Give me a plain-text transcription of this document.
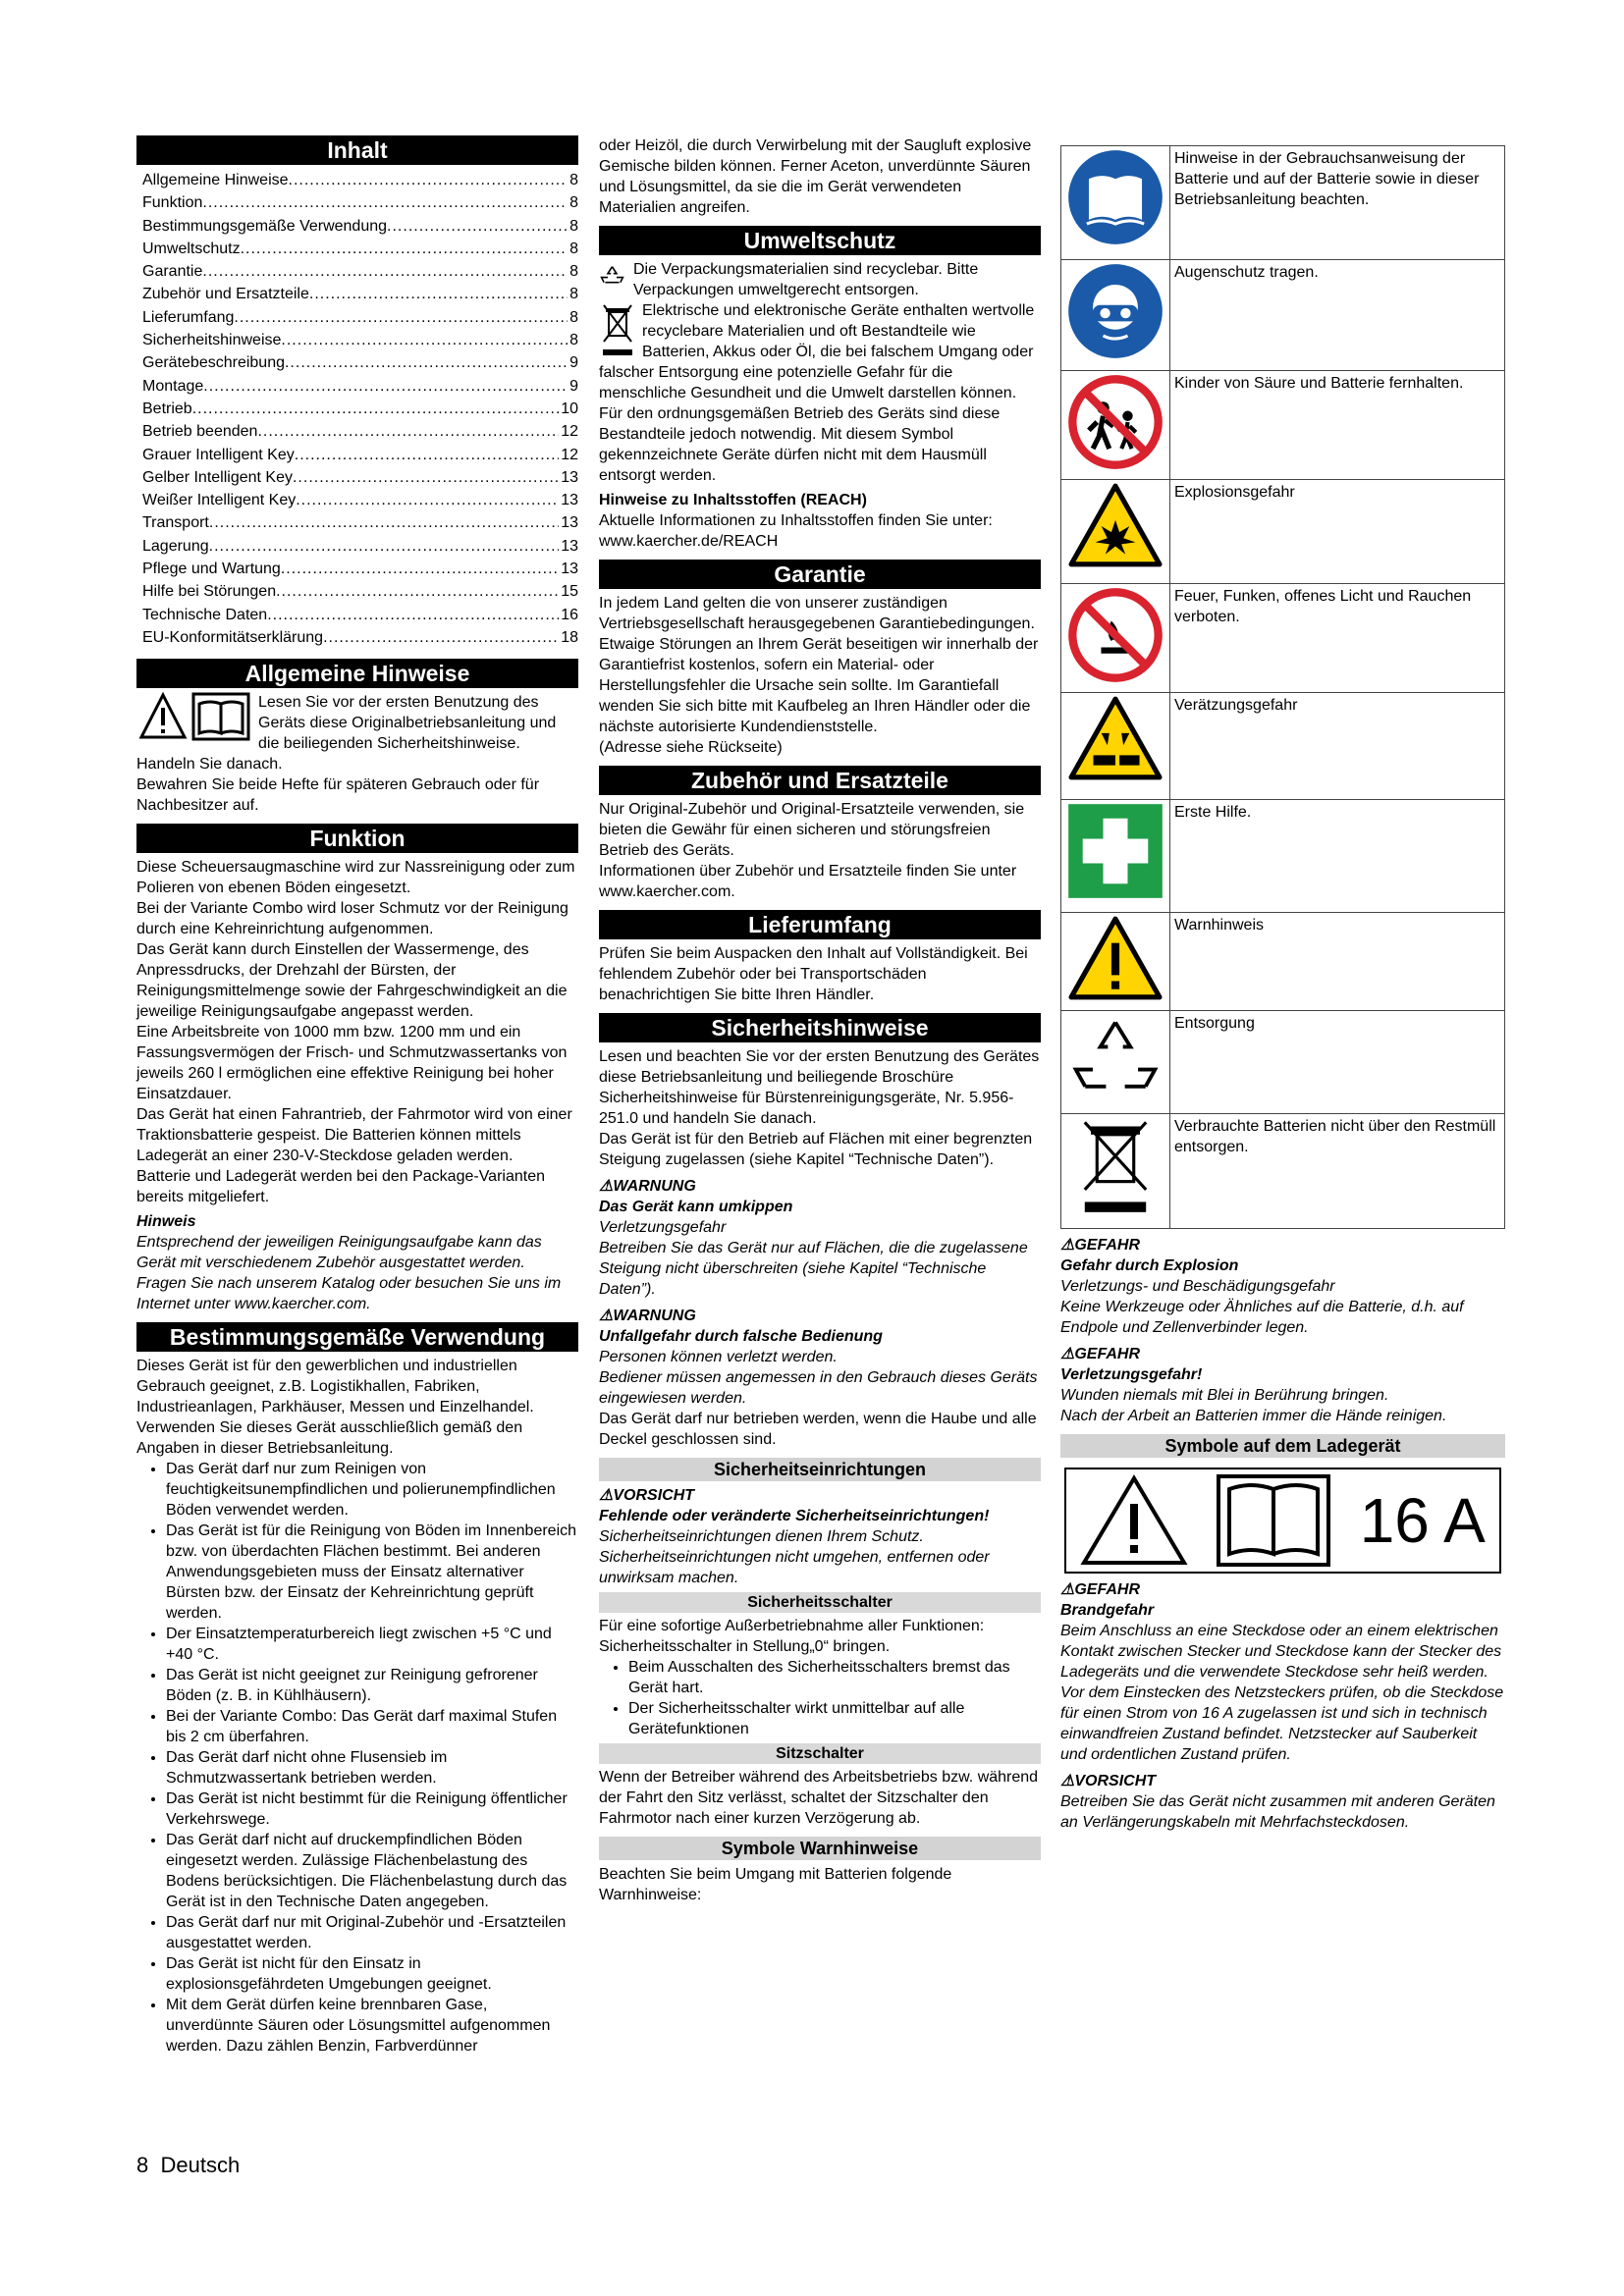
Inhalt
Allgemeine Hinweise .....	8
Funktion .....	8
Bestimmungsgemäße Verwendung .....	8
Umweltschutz .....	8
Garantie .....	8
Zubehör und Ersatzteile .....	8
Lieferumfang .....	8
Sicherheitshinweise .....	8
Gerätebeschreibung .....	9
Montage .....	9
Betrieb .....	10
Betrieb beenden .....	12
Grauer Intelligent Key .....	12
Gelber Intelligent Key .....	13
Weißer Intelligent Key .....	13
Transport .....	13
Lagerung .....	13
Pflege und Wartung .....	13
Hilfe bei Störungen .....	15
Technische Daten .....	16
EU-Konformitätserklärung .....	18
Allgemeine Hinweise

Lesen Sie vor der ersten Benutzung des Geräts diese Originalbetriebsanleitung und die beiliegenden Sicherheitshinweise. Handeln Sie danach.

Bewahren Sie beide Hefte für späteren Gebrauch oder für Nachbesitzer auf.

Funktion

Diese Scheuersaugmaschine wird zur Nassreinigung oder zum Polieren von ebenen Böden eingesetzt.

Bei der Variante Combo wird loser Schmutz vor der Reinigung durch eine Kehreinrichtung aufgenommen.

Das Gerät kann durch Einstellen der Wassermenge, des Anpressdrucks, der Drehzahl der Bürsten, der Reinigungsmittelmenge sowie der Fahrgeschwindigkeit an die jeweilige Reinigungsaufgabe angepasst werden.

Eine Arbeitsbreite von 1000 mm bzw. 1200 mm und ein Fassungsvermögen der Frisch- und Schmutzwassertanks von jeweils 260 l ermöglichen eine effektive Reinigung bei hoher Einsatzdauer.

Das Gerät hat einen Fahrantrieb, der Fahrmotor wird von einer Traktionsbatterie gespeist. Die Batterien können mittels Ladegerät an einer 230-V-Steckdose geladen werden.

Batterie und Ladegerät werden bei den Package-Varianten bereits mitgeliefert.

Hinweis

Entsprechend der jeweiligen Reinigungsaufgabe kann das Gerät mit verschiedenem Zubehör ausgestattet werden. Fragen Sie nach unserem Katalog oder besuchen Sie uns im Internet unter www.kaercher.com.

Bestimmungsgemäße Verwendung

Dieses Gerät ist für den gewerblichen und industriellen Gebrauch geeignet, z.B. Logistikhallen, Fabriken, Industrieanlagen, Parkhäuser, Messen und Einzelhandel. Verwenden Sie dieses Gerät ausschließlich gemäß den Angaben in dieser Betriebsanleitung.

• Das Gerät darf nur zum Reinigen von feuchtigkeitsunempfindlichen und polierunempfindlichen Böden verwendet werden.
• Das Gerät ist für die Reinigung von Böden im Innenbereich bzw. von überdachten Flächen bestimmt. Bei anderen Anwendungsgebieten muss der Einsatz alternativer Bürsten bzw. der Einsatz der Kehreinrichtung geprüft werden.
• Der Einsatztemperaturbereich liegt zwischen +5 °C und +40 °C.
• Das Gerät ist nicht geeignet zur Reinigung gefrorener Böden (z. B. in Kühlhäusern).
• Bei der Variante Combo: Das Gerät darf maximal Stufen bis 2 cm überfahren.
• Das Gerät darf nicht ohne Flusensieb im Schmutzwassertank betrieben werden.
• Das Gerät ist nicht bestimmt für die Reinigung öffentlicher Verkehrswege.
• Das Gerät darf nicht auf druckempfindlichen Böden eingesetzt werden. Zulässige Flächenbelastung des Bodens berücksichtigen. Die Flächenbelastung durch das Gerät ist in den Technische Daten angegeben.
• Das Gerät darf nur mit Original-Zubehör und -Ersatzteilen ausgestattet werden.
• Das Gerät ist nicht für den Einsatz in explosionsgefährdeten Umgebungen geeignet.
• Mit dem Gerät dürfen keine brennbaren Gase, unverdünnte Säuren oder Lösungsmittel aufgenommen werden. Dazu zählen Benzin, Farbverdünner

oder Heizöl, die durch Verwirbelung mit der Saugluft explosive Gemische bilden können. Ferner Aceton, unverdünnte Säuren und Lösungsmittel, da sie die im Gerät verwendeten Materialien angreifen.

Umweltschutz

Die Verpackungsmaterialien sind recyclebar. Bitte Verpackungen umweltgerecht entsorgen.

Elektrische und elektronische Geräte enthalten wertvolle recyclebare Materialien und oft Bestandteile wie Batterien, Akkus oder Öl, die bei falschem Umgang oder falscher Entsorgung eine potenzielle Gefahr für die menschliche Gesundheit und die Umwelt darstellen können. Für den ordnungsgemäßen Betrieb des Geräts sind diese Bestandteile jedoch notwendig. Mit diesem Symbol gekennzeichnete Geräte dürfen nicht mit dem Hausmüll entsorgt werden.

Hinweise zu Inhaltsstoffen (REACH)

Aktuelle Informationen zu Inhaltsstoffen finden Sie unter: www.kaercher.de/REACH

Garantie

In jedem Land gelten die von unserer zuständigen Vertriebsgesellschaft herausgegebenen Garantiebedingungen. Etwaige Störungen an Ihrem Gerät beseitigen wir innerhalb der Garantiefrist kostenlos, sofern ein Material- oder Herstellungsfehler die Ursache sein sollte. Im Garantiefall wenden Sie sich bitte mit Kaufbeleg an Ihren Händler oder die nächste autorisierte Kundendienststelle.

(Adresse siehe Rückseite)

Zubehör und Ersatzteile

Nur Original-Zubehör und Original-Ersatzteile verwenden, sie bieten die Gewähr für einen sicheren und störungsfreien Betrieb des Geräts.

Informationen über Zubehör und Ersatzteile finden Sie unter www.kaercher.com.

Lieferumfang

Prüfen Sie beim Auspacken den Inhalt auf Vollständigkeit. Bei fehlendem Zubehör oder bei Transportschäden benachrichtigen Sie bitte Ihren Händler.

Sicherheitshinweise

Lesen und beachten Sie vor der ersten Benutzung des Gerätes diese Betriebsanleitung und beiliegende Broschüre Sicherheitshinweise für Bürstenreinigungsgeräte, Nr. 5.956-251.0 und handeln Sie danach.

Das Gerät ist für den Betrieb auf Flächen mit einer begrenzten Steigung zugelassen (siehe Kapitel “Technische Daten”).

⚠WARNUNG

Das Gerät kann umkippen

Verletzungsgefahr
Betreiben Sie das Gerät nur auf Flächen, die die zugelassene Steigung nicht überschreiten (siehe Kapitel “Technische Daten”).

⚠WARNUNG

Unfallgefahr durch falsche Bedienung

Personen können verletzt werden.
Bediener müssen angemessen in den Gebrauch dieses Geräts eingewiesen werden.

Das Gerät darf nur betrieben werden, wenn die Haube und alle Deckel geschlossen sind.

Sicherheitseinrichtungen

⚠VORSICHT

Fehlende oder veränderte Sicherheitseinrichtungen!

Sicherheitseinrichtungen dienen Ihrem Schutz. Sicherheitseinrichtungen nicht umgehen, entfernen oder unwirksam machen.

Sicherheitsschalter

Für eine sofortige Außerbetriebnahme aller Funktionen: Sicherheitsschalter in Stellung„0“ bringen.

• Beim Ausschalten des Sicherheitsschalters bremst das Gerät hart.
• Der Sicherheitsschalter wirkt unmittelbar auf alle Gerätefunktionen
Sitzschalter

Wenn der Betreiber während des Arbeitsbetriebs bzw. während der Fahrt den Sitz verlässt, schaltet der Sitzschalter den Fahrmotor nach einer kurzen Verzögerung ab.

Symbole Warnhinweise

Beachten Sie beim Umgang mit Batterien folgende Warnhinweise:

	Hinweise in der Gebrauchsanweisung der Batterie und auf der Batterie sowie in dieser Betriebsanleitung beachten.
	Augenschutz tragen.
	Kinder von Säure und Batterie fernhalten.
	Explosionsgefahr
	Feuer, Funken, offenes Licht und Rauchen verboten.
	Verätzungsgefahr
	Erste Hilfe.
	Warnhinweis
	Entsorgung
	Verbrauchte Batterien nicht über den Restmüll entsorgen.

⚠GEFAHR

Gefahr durch Explosion

Verletzungs- und Beschädigungsgefahr
Keine Werkzeuge oder Ähnliches auf die Batterie, d.h. auf Endpole und Zellenverbinder legen.

⚠GEFAHR

Verletzungsgefahr!

Wunden niemals mit Blei in Berührung bringen.
Nach der Arbeit an Batterien immer die Hände reinigen.

Symbole auf dem Ladegerät
16 A

⚠GEFAHR

Brandgefahr

Beim Anschluss an eine Steckdose oder an einem elektrischen Kontakt zwischen Stecker und Steckdose kann der Stecker des Ladegeräts und die verwendete Steckdose sehr heiß werden.
Vor dem Einstecken des Netzsteckers prüfen, ob die Steckdose für einen Strom von 16 A zugelassen ist und sich in technisch einwandfreien Zustand befindet. Netzstecker auf Sauberkeit und ordentlichen Zustand prüfen.

⚠VORSICHT

Betreiben Sie das Gerät nicht zusammen mit anderen Geräten an Verlängerungskabeln mit Mehrfachsteckdosen.

8 Deutsch
